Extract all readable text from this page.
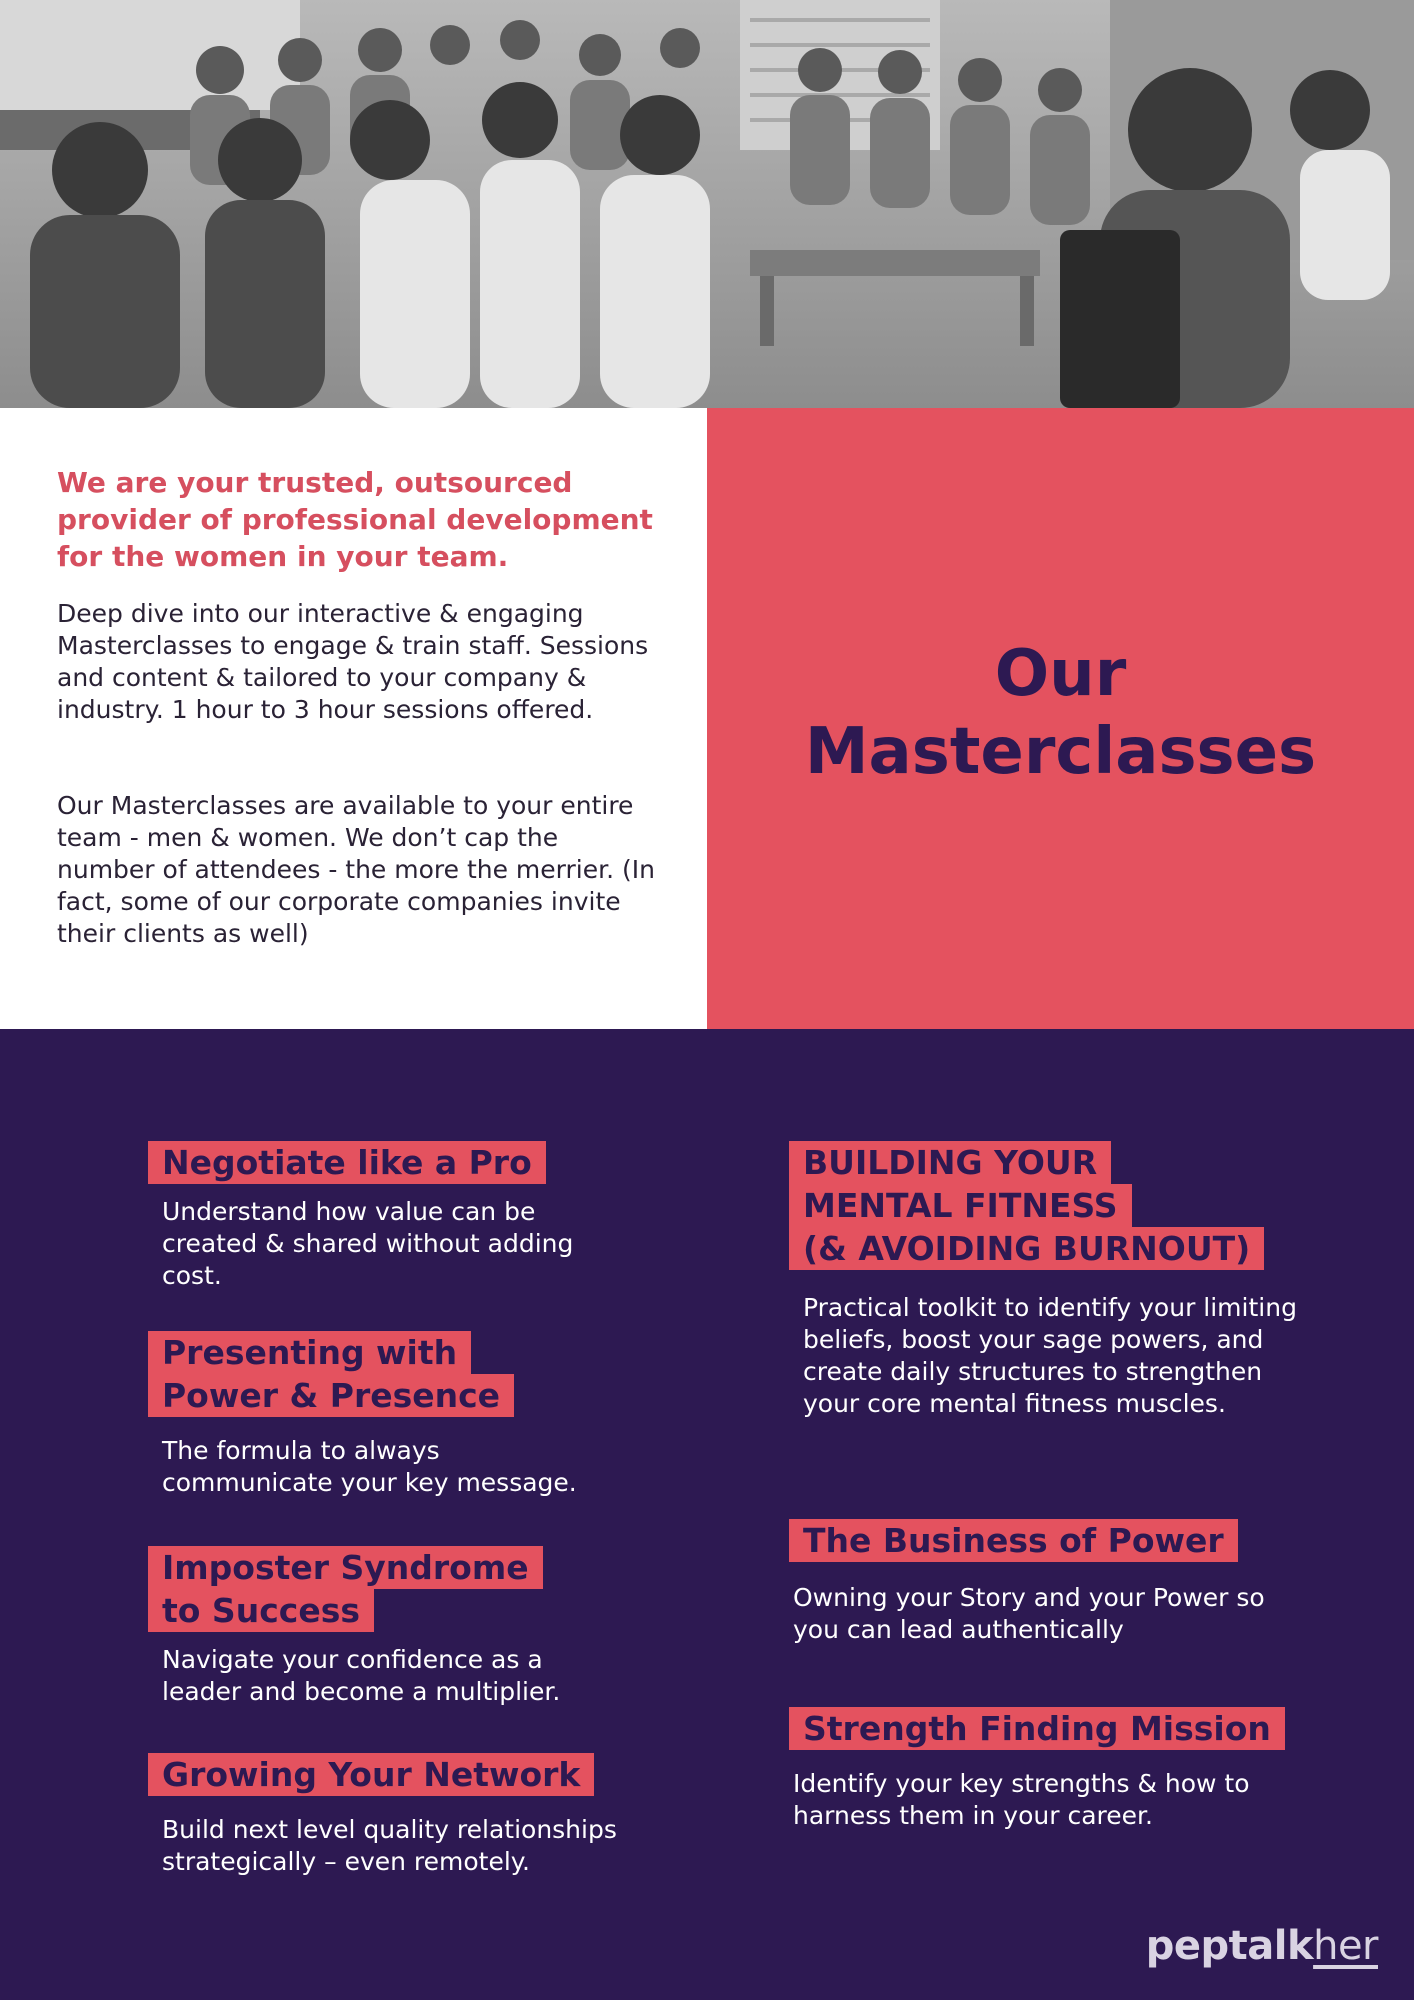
We are your trusted, outsourced provider of professional development for the women in your team.

Deep dive into our interactive & engaging Masterclasses to engage & train staff. Sessions and content & tailored to your company & industry. 1 hour to 3 hour sessions offered.

Our Masterclasses are available to your entire team - men & women. We don’t cap the number of attendees - the more the merrier. (In fact, some of our corporate companies invite their clients as well)

Our
Masterclasses
Negotiate like a Pro

Understand how value can be created & shared without adding cost.

Presenting with
Power & Presence

The formula to always communicate your key message.

Imposter Syndrome
to Success

Navigate your confidence as a leader and become a multiplier.

Growing Your Network

Build next level quality relationships strategically – even remotely.

BUILDING YOUR
MENTAL FITNESS
(& AVOIDING BURNOUT)

Practical toolkit to identify your limiting beliefs, boost your sage powers, and create daily structures to strengthen your core mental fitness muscles.

The Business of Power

Owning your Story and your Power so you can lead authentically

Strength Finding Mission

Identify your key strengths & how to harness them in your career.

peptalkher
